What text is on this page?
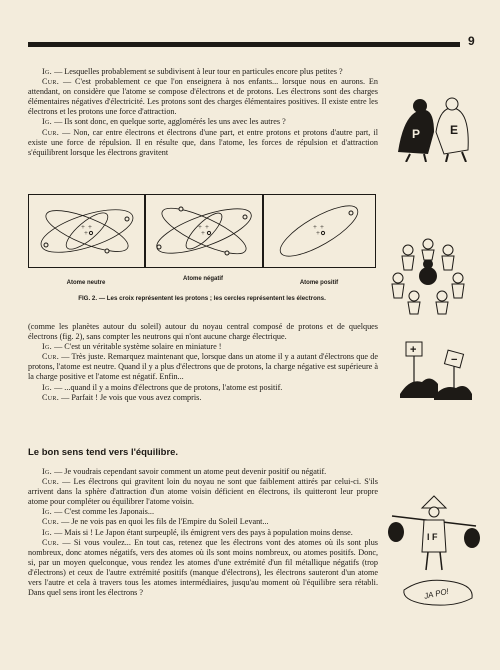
9

Ig. — Lesquelles probablement se subdivisent à leur tour en particules encore plus petites ?

Cur. — C'est probablement ce que l'on enseignera à nos enfants... lorsque nous en aurons. En attendant, on considère que l'atome se compose d'électrons et de protons. Les électrons sont des charges élémentaires négatives d'électricité. Les protons sont des charges élémentaires positives. Il existe entre les électrons et les protons une force d'attraction.

Ig. — Ils sont donc, en quelque sorte, agglomérés les uns avec les autres ?

Cur. — Non, car entre électrons et électrons d'une part, et entre protons et protons d'autre part, il existe une force de répulsion. Il en résulte que, dans l'atome, les forces de répulsion et d'attraction s'équilibrent lorsque les électrons gravitent

+ +
+
+ +
+
+ +
+
Atome neutre
Atome négatif
Atome positif
FIG. 2. — Les croix représentent les protons ; les cercles représentent les électrons.

(comme les planètes autour du soleil) autour du noyau central composé de protons et de quelques électrons (fig. 2), sans compter les neutrons qui n'ont aucune charge électrique.

Ig. — C'est un véritable système solaire en miniature !

Cur. — Très juste. Remarquez maintenant que, lorsque dans un atome il y a autant d'électrons que de protons, l'atome est neutre. Quand il y a plus d'électrons que de protons, la charge négative est supérieure à la charge positive et l'atome est négatif. Enfin...

Ig. — ...quand il y a moins d'électrons que de protons, l'atome est positif.

Cur. — Parfait ! Je vois que vous avez compris.

Le bon sens tend vers l'équilibre.

Ig. — Je voudrais cependant savoir comment un atome peut devenir positif ou négatif.

Cur. — Les électrons qui gravitent loin du noyau ne sont que faiblement attirés par celui-ci. S'ils arrivent dans la sphère d'attraction d'un atome voisin déficient en électrons, ils quitteront leur propre atome pour compléter ou équilibrer l'atome voisin.

Ig. — C'est comme les Japonais...

Cur. — Je ne vois pas en quoi les fils de l'Empire du Soleil Levant...

Ig. — Mais si ! Le Japon étant surpeuplé, ils émigrent vers des pays à population moins dense.

Cur. — Si vous voulez... En tout cas, retenez que les électrons vont des atomes où ils sont plus nombreux, donc atomes négatifs, vers des atomes où ils sont moins nombreux, ou atomes positifs. Donc, si, par un moyen quelconque, vous rendez les atomes d'une extrémité d'un fil métallique négatifs (trop d'électrons) et ceux de l'autre extrémité positifs (manque d'électrons), les électrons sauteront d'un atome vers l'autre et cela à travers tous les atomes intermédiaires, jusqu'au moment où l'équilibre sera rétabli. Dans quel sens iront les électrons ?

P E
+
−
I F
JA PO!
